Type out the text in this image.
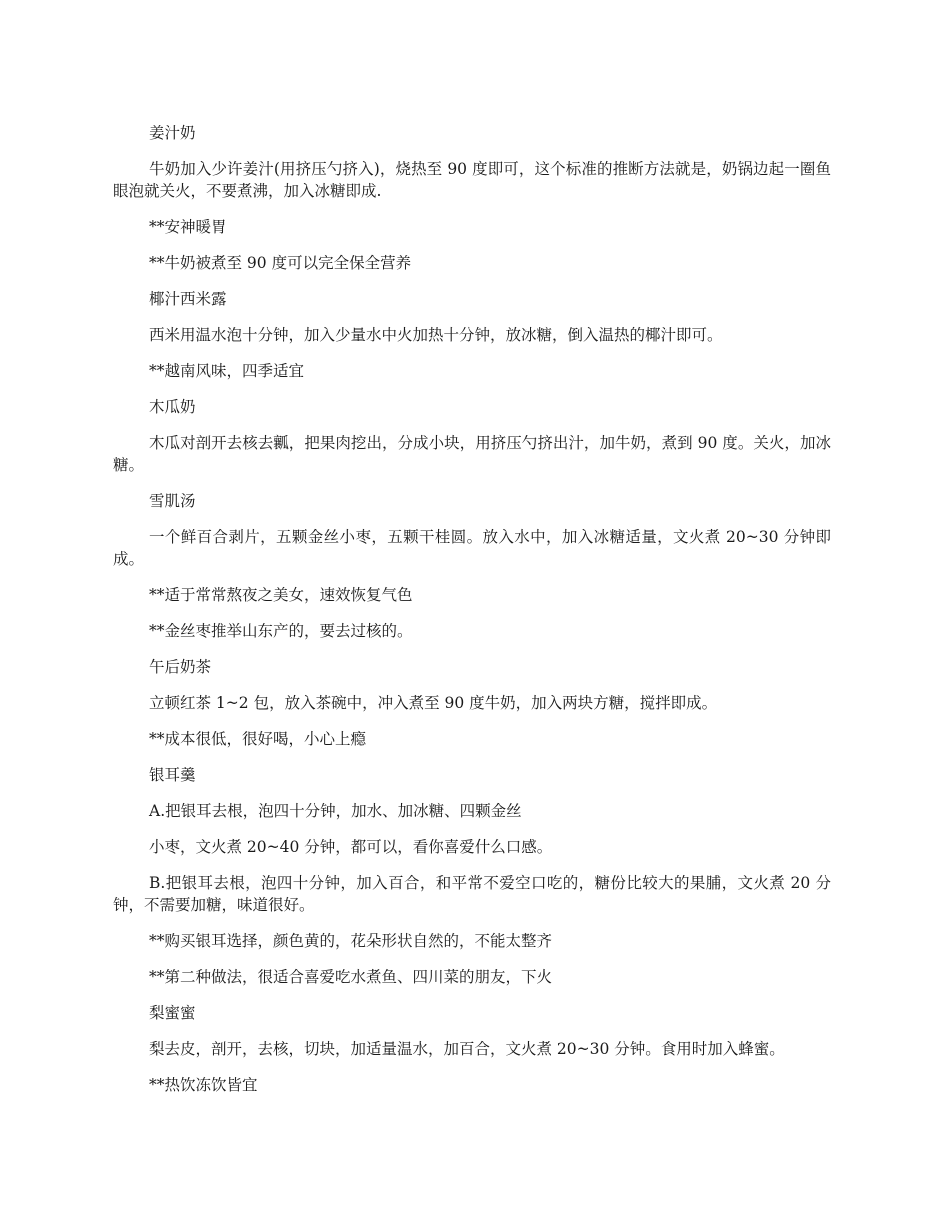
姜汁奶

牛奶加入少许姜汁(用挤压勺挤入)，烧热至 90 度即可，这个标准的推断方法就是，奶锅边起一圈鱼眼泡就关火，不要煮沸，加入冰糖即成.

**安神暖胃

**牛奶被煮至 90 度可以完全保全营养

椰汁西米露

西米用温水泡十分钟，加入少量水中火加热十分钟，放冰糖，倒入温热的椰汁即可。

**越南风味，四季适宜

木瓜奶

木瓜对剖开去核去瓤，把果肉挖出，分成小块，用挤压勺挤出汁，加牛奶，煮到 90 度。关火，加冰糖。

雪肌汤

一个鲜百合剥片，五颗金丝小枣，五颗干桂圆。放入水中，加入冰糖适量，文火煮 20~30 分钟即成。

**适于常常熬夜之美女，速效恢复气色

**金丝枣推举山东产的，要去过核的。

午后奶茶

立顿红茶 1~2 包，放入茶碗中，冲入煮至 90 度牛奶，加入两块方糖，搅拌即成。

**成本很低，很好喝，小心上瘾

银耳羹

A.把银耳去根，泡四十分钟，加水、加冰糖、四颗金丝

小枣，文火煮 20~40 分钟，都可以，看你喜爱什么口感。

B.把银耳去根，泡四十分钟，加入百合，和平常不爱空口吃的，糖份比较大的果脯，文火煮 20 分钟，不需要加糖，味道很好。

**购买银耳选择，颜色黄的，花朵形状自然的，不能太整齐

**第二种做法，很适合喜爱吃水煮鱼、四川菜的朋友，下火

梨蜜蜜

梨去皮，剖开，去核，切块，加适量温水，加百合，文火煮 20~30 分钟。食用时加入蜂蜜。

**热饮冻饮皆宜
